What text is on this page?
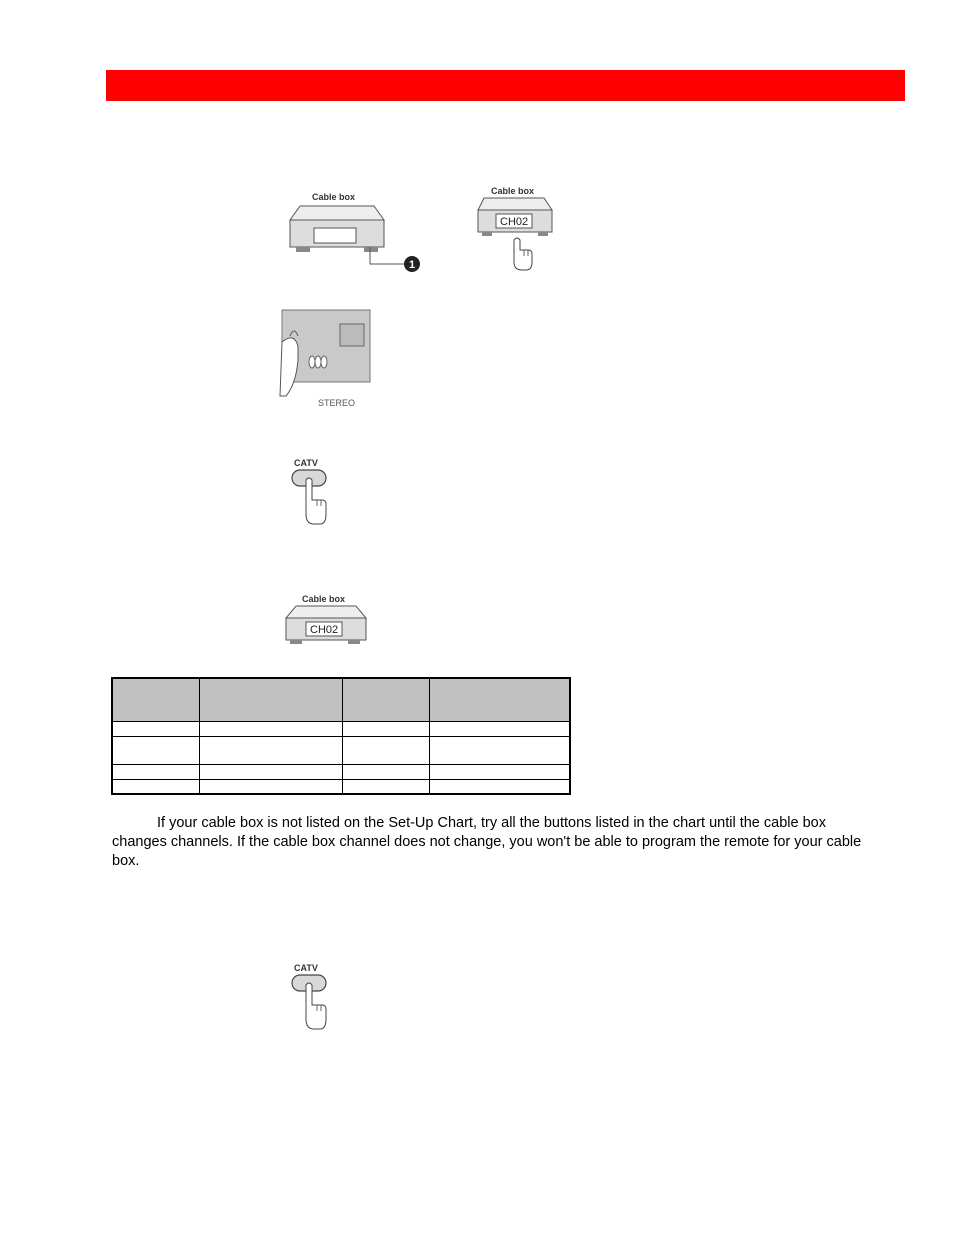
Cable box
1
Cable box
CH02
STEREO
CATV
Cable box
CH02

If your cable box is not listed on the Set-Up Chart, try all the buttons listed in the chart until the cable box changes channels. If the cable box channel does not change, you won't be able to program the remote for your cable box.

CATV
